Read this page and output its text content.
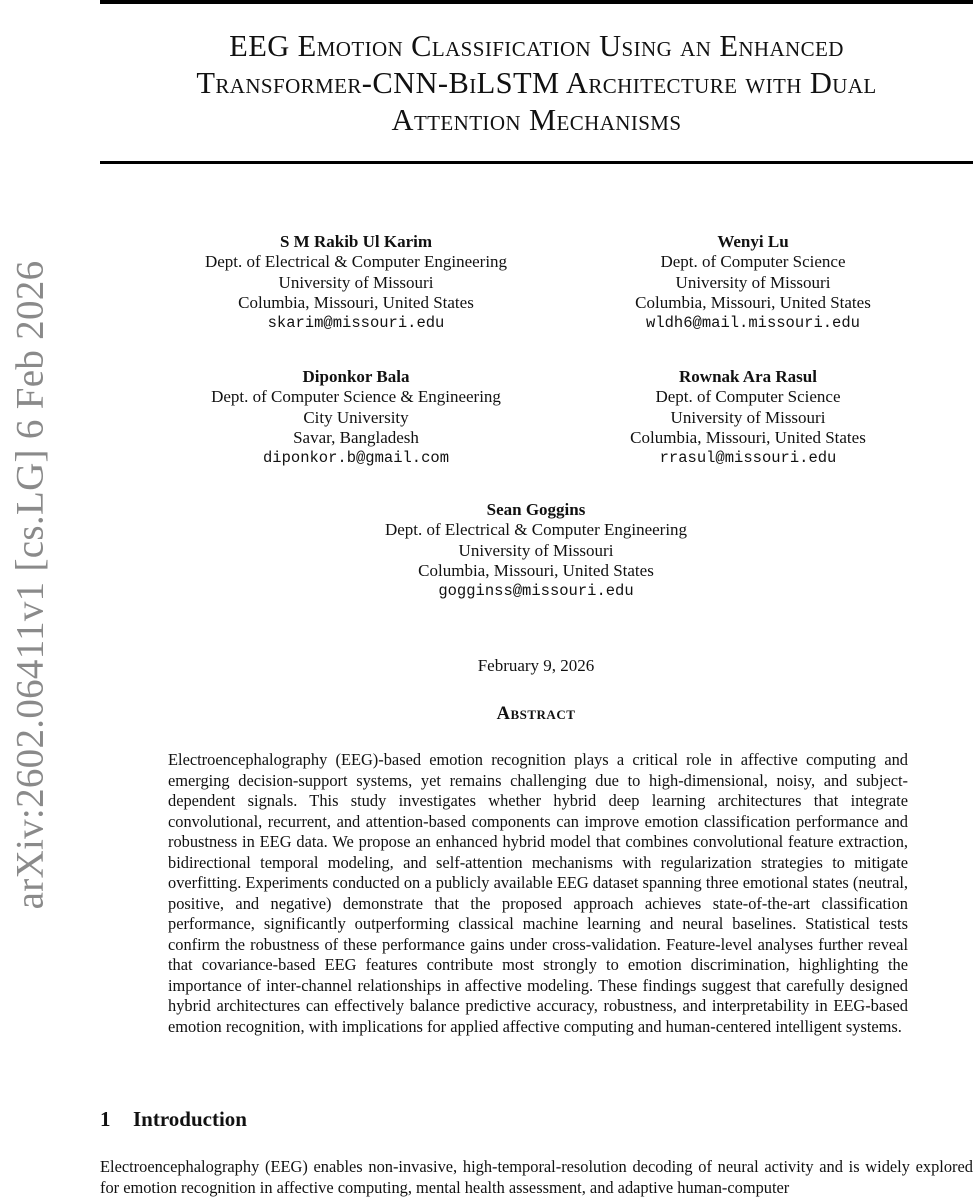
EEG Emotion Classification Using an Enhanced
Transformer-CNN-BiLSTM Architecture with Dual
Attention Mechanisms
arXiv:2602.06411v1 [cs.LG] 6 Feb 2026
S M Rakib Ul Karim
Dept. of Electrical & Computer Engineering
University of Missouri
Columbia, Missouri, United States
skarim@missouri.edu
Wenyi Lu
Dept. of Computer Science
University of Missouri
Columbia, Missouri, United States
wldh6@mail.missouri.edu
Diponkor Bala
Dept. of Computer Science & Engineering
City University
Savar, Bangladesh
diponkor.b@gmail.com
Rownak Ara Rasul
Dept. of Computer Science
University of Missouri
Columbia, Missouri, United States
rrasul@missouri.edu
Sean Goggins
Dept. of Electrical & Computer Engineering
University of Missouri
Columbia, Missouri, United States
gogginss@missouri.edu
February 9, 2026
Abstract

Electroencephalography (EEG)-based emotion recognition plays a critical role in affective computing and emerging decision-support systems, yet remains challenging due to high-dimensional, noisy, and subject-dependent signals. This study investigates whether hybrid deep learning architectures that integrate convolutional, recurrent, and attention-based components can improve emotion classification performance and robustness in EEG data. We propose an enhanced hybrid model that combines convolutional feature extraction, bidirectional temporal modeling, and self-attention mechanisms with regularization strategies to mitigate overfitting. Experiments conducted on a publicly available EEG dataset spanning three emotional states (neutral, positive, and negative) demonstrate that the proposed approach achieves state-of-the-art classification performance, significantly outperforming classical machine learning and neural baselines. Statistical tests confirm the robustness of these performance gains under cross-validation. Feature-level analyses further reveal that covariance-based EEG features contribute most strongly to emotion discrimination, highlighting the importance of inter-channel relationships in affective modeling. These findings suggest that carefully designed hybrid architectures can effectively balance predictive accuracy, robustness, and interpretability in EEG-based emotion recognition, with implications for applied affective computing and human-centered intelligent systems.

1 Introduction

Electroencephalography (EEG) enables non-invasive, high-temporal-resolution decoding of neural activity and is widely explored for emotion recognition in affective computing, mental health assessment, and adaptive human-computer
